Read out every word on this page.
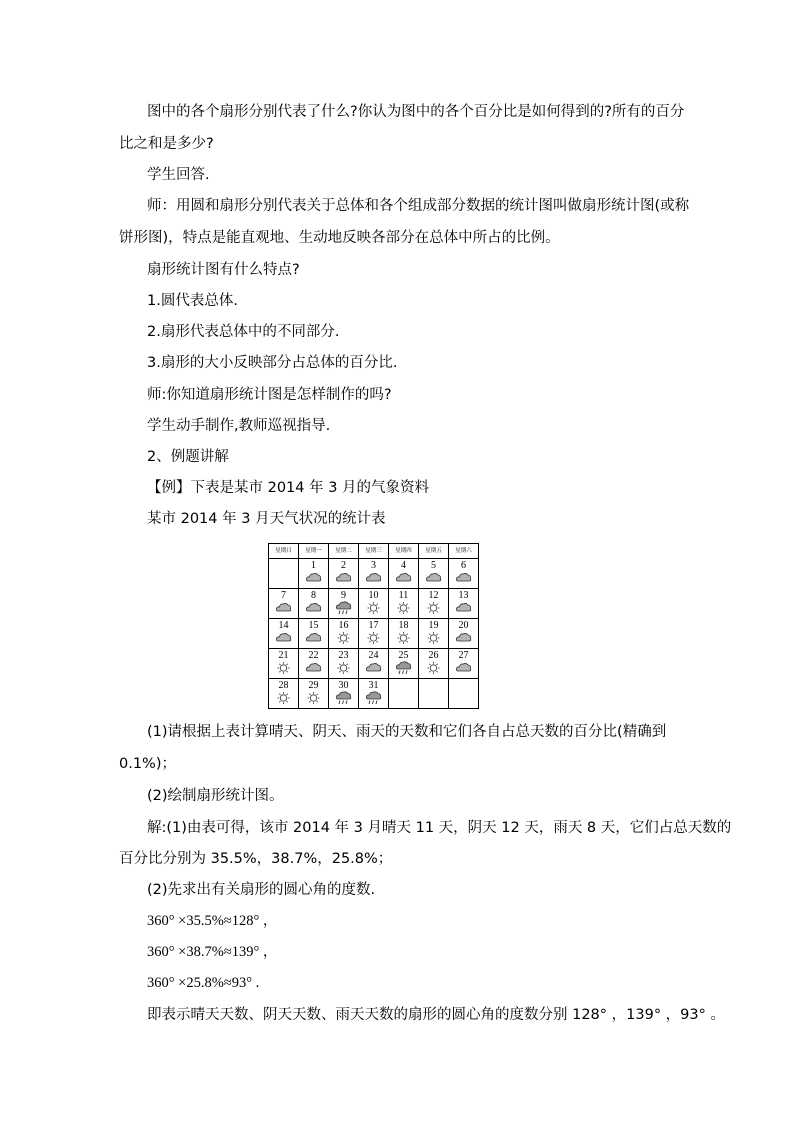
图中的各个扇形分别代表了什么?你认为图中的各个百分比是如何得到的?所有的百分
比之和是多少?
学生回答.
师：用圆和扇形分别代表关于总体和各个组成部分数据的统计图叫做扇形统计图(或称
饼形图)，特点是能直观地、生动地反映各部分在总体中所占的比例。
扇形统计图有什么特点?
1.圆代表总体.
2.扇形代表总体中的不同部分.
3.扇形的大小反映部分占总体的百分比.
师:你知道扇形统计图是怎样制作的吗?
学生动手制作,教师巡视指导.
2、例题讲解
【例】下表是某市 2014 年 3 月的气象资料
某市 2014 年 3 月天气状况的统计表
星期日	星期一	星期二	星期三	星期四	星期五	星期六

	1	2	3	4	5	6

7	8	9	10	11	12	13

14	15	16	17	18	19	20

21	22	23	24	25	26	27

28	29	30	31			

(1)请根据上表计算晴天、阴天、雨天的天数和它们各自占总天数的百分比(精确到
0.1%)；
(2)绘制扇形统计图。
解:(1)由表可得，该市 2014 年 3 月晴天 11 天，阴天 12 天，雨天 8 天，它们占总天数的
百分比分别为 35.5%，38.7%，25.8%；
(2)先求出有关扇形的圆心角的度数.
360° ×35.5%≈128° ，
360° ×38.7%≈139° ，
360° ×25.8%≈93° .
即表示晴天天数、阴天天数、雨天天数的扇形的圆心角的度数分别 128° ，139° ，93° 。
